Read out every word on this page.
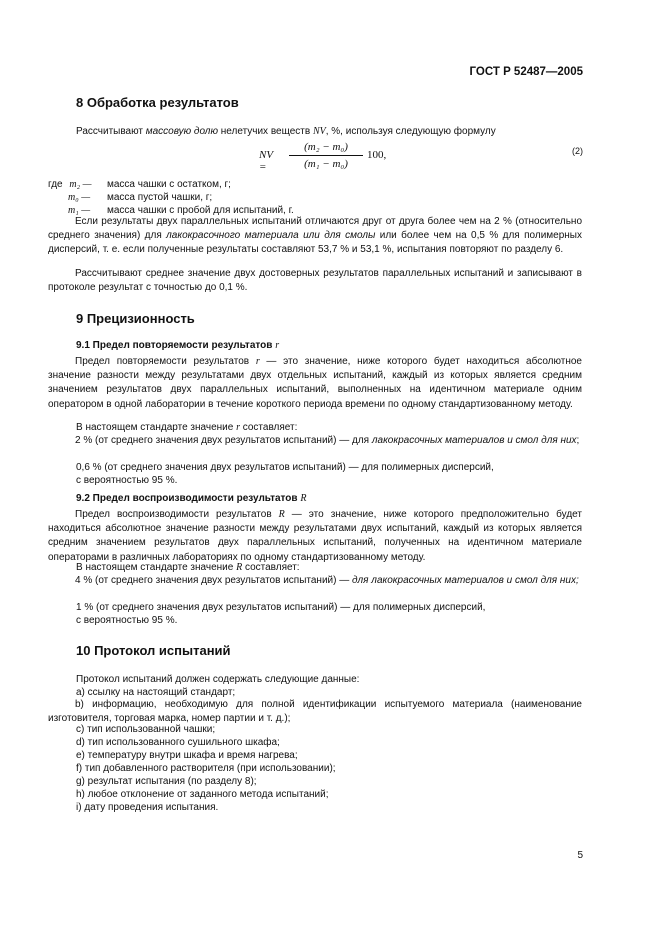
ГОСТ Р 52487—2005
8 Обработка результатов
Рассчитывают массовую долю нелетучих веществ NV, %, используя следующую формулу
NV =	$\frac{\text{(m₂ − m₀)}}{\text{(m₁ − m₀)}} 100$,	(2)
где m₂ — масса чашки с остатком, г;
m₀ — масса пустой чашки, г;
m₁ — масса чашки с пробой для испытаний, г.

Если результаты двух параллельных испытаний отличаются друг от друга более чем на 2 % (относительно среднего значения) для лакокрасочного материала или для смолы или более чем на 0,5 % для полимерных дисперсий, т. е. если полученные результаты составляют 53,7 % и 53,1 %, испытания повторяют по разделу 6.

Рассчитывают среднее значение двух достоверных результатов параллельных испытаний и записывают в протоколе результат с точностью до 0,1 %.

9 Прецизионность
9.1 Предел повторяемости результатов r

Предел повторяемости результатов r — это значение, ниже которого будет находиться абсолютное значение разности между результатами двух отдельных испытаний, каждый из которых является средним значением результатов двух параллельных испытаний, выполненных на идентичном материале одним оператором в одной лаборатории в течение короткого периода времени по одному стандартизованному методу.

В настоящем стандарте значение r составляет:

2 % (от среднего значения двух результатов испытаний) — для лакокрасочных материалов и смол для них;

0,6 % (от среднего значения двух результатов испытаний) — для полимерных дисперсий,
с вероятностью 95 %.
9.2 Предел воспроизводимости результатов R

Предел воспроизводимости результатов R — это значение, ниже которого предположительно будет находиться абсолютное значение разности между результатами двух испытаний, каждый из которых является средним значением результатов двух параллельных испытаний, полученных на идентичном материале операторами в различных лабораториях по одному стандартизованному методу.

В настоящем стандарте значение R составляет:

4 % (от среднего значения двух результатов испытаний) — для лакокрасочных материалов и смол для них;

1 % (от среднего значения двух результатов испытаний) — для полимерных дисперсий,
с вероятностью 95 %.
10 Протокол испытаний
Протокол испытаний должен содержать следующие данные:
a) ссылку на настоящий стандарт;

b) информацию, необходимую для полной идентификации испытуемого материала (наименование изготовителя, торговая марка, номер партии и т. д.);

c) тип использованной чашки;
d) тип использованного сушильного шкафа;
e) температуру внутри шкафа и время нагрева;
f) тип добавленного растворителя (при использовании);
g) результат испытания (по разделу 8);
h) любое отклонение от заданного метода испытаний;
i) дату проведения испытания.
5
